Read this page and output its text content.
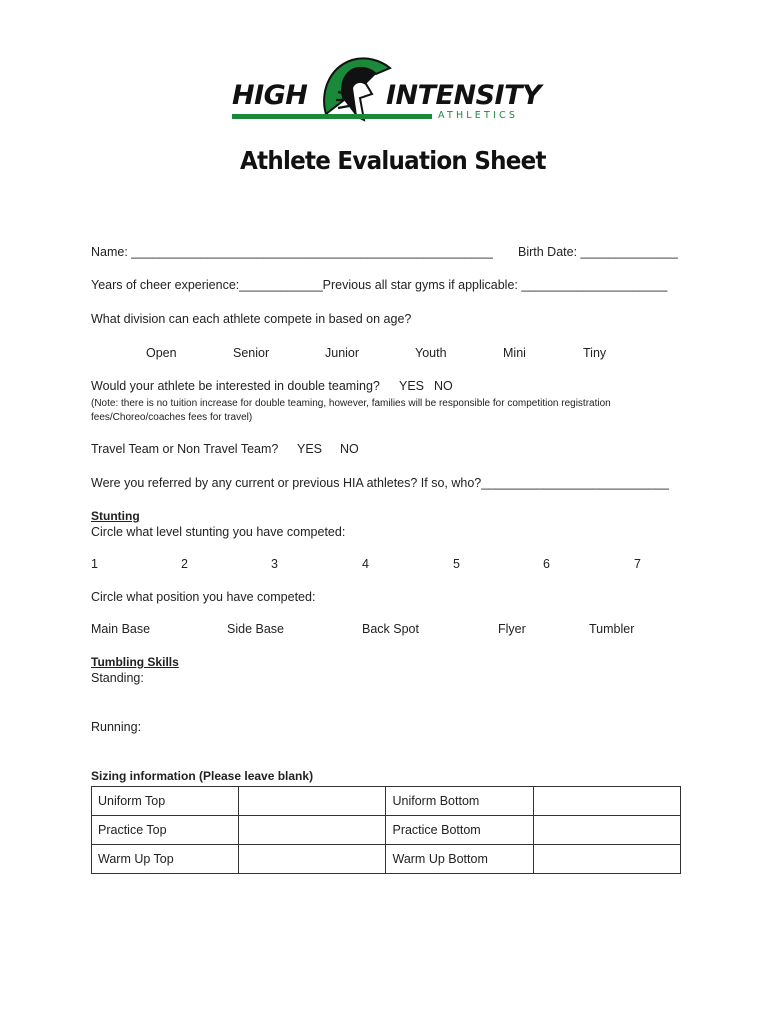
HIGH	INTENSITY
ATHLETICS
Athlete Evaluation Sheet
Name: ____________________________________________________ Birth Date: ______________
Years of cheer experience:____________Previous all star gyms if applicable: _____________________
What division can each athlete compete in based on age?
Open	Senior	Junior	Youth	Mini	Tiny
Would your athlete be interested in double teaming? YES NO
(Note: there is no tuition increase for double teaming, however, families will be responsible for competition registration fees/Choreo/coaches fees for travel)
Travel Team or Non Travel Team? YES NO
Were you referred by any current or previous HIA athletes? If so, who?___________________________
Stunting
Circle what level stunting you have competed:
1	2	3	4	5	6	7
Circle what position you have competed:
Main Base	Side Base	Back Spot	Flyer	Tumbler
Tumbling Skills
Standing:
Running:
Sizing information (Please leave blank)
Uniform Top		Uniform Bottom	
Practice Top		Practice Bottom	
Warm Up Top		Warm Up Bottom	
